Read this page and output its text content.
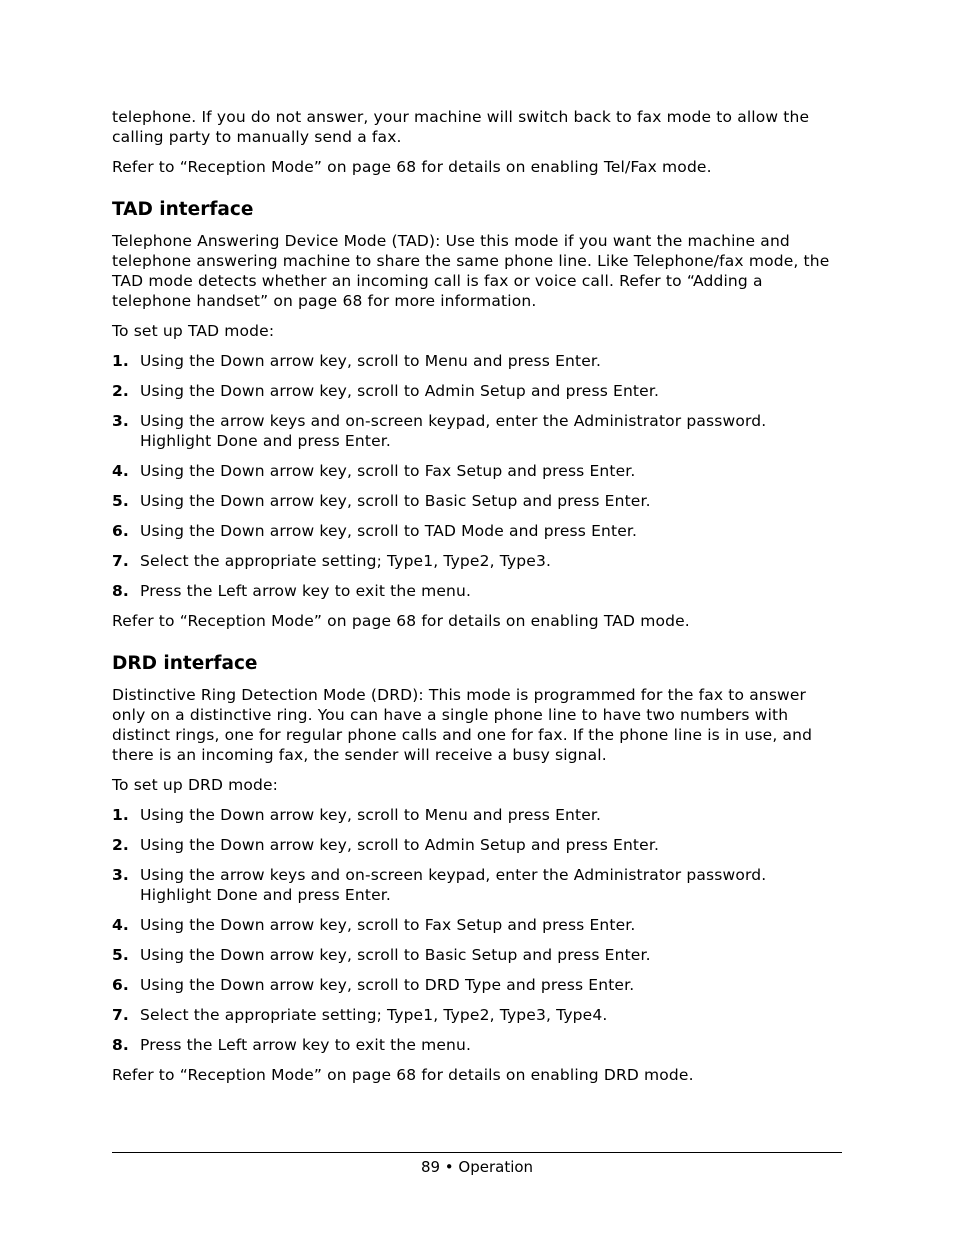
telephone. If you do not answer, your machine will switch back to fax mode to allow the calling party to manually send a fax.

Refer to “Reception Mode” on page 68 for details on enabling Tel/Fax mode.

TAD interface

Telephone Answering Device Mode (TAD): Use this mode if you want the machine and telephone answering machine to share the same phone line. Like Telephone/fax mode, the TAD mode detects whether an incoming call is fax or voice call. Refer to “Adding a telephone handset” on page 68 for more information.

To set up TAD mode:

1. Using the Down arrow key, scroll to Menu and press Enter.
2. Using the Down arrow key, scroll to Admin Setup and press Enter.
3. Using the arrow keys and on-screen keypad, enter the Administrator password. Highlight Done and press Enter.
4. Using the Down arrow key, scroll to Fax Setup and press Enter.
5. Using the Down arrow key, scroll to Basic Setup and press Enter.
6. Using the Down arrow key, scroll to TAD Mode and press Enter.
7. Select the appropriate setting; Type1, Type2, Type3.
8. Press the Left arrow key to exit the menu.

Refer to “Reception Mode” on page 68 for details on enabling TAD mode.

DRD interface

Distinctive Ring Detection Mode (DRD): This mode is programmed for the fax to answer only on a distinctive ring. You can have a single phone line to have two numbers with distinct rings, one for regular phone calls and one for fax. If the phone line is in use, and there is an incoming fax, the sender will receive a busy signal.

To set up DRD mode:

1. Using the Down arrow key, scroll to Menu and press Enter.
2. Using the Down arrow key, scroll to Admin Setup and press Enter.
3. Using the arrow keys and on-screen keypad, enter the Administrator password. Highlight Done and press Enter.
4. Using the Down arrow key, scroll to Fax Setup and press Enter.
5. Using the Down arrow key, scroll to Basic Setup and press Enter.
6. Using the Down arrow key, scroll to DRD Type and press Enter.
7. Select the appropriate setting; Type1, Type2, Type3, Type4.
8. Press the Left arrow key to exit the menu.

Refer to “Reception Mode” on page 68 for details on enabling DRD mode.

89 • Operation
